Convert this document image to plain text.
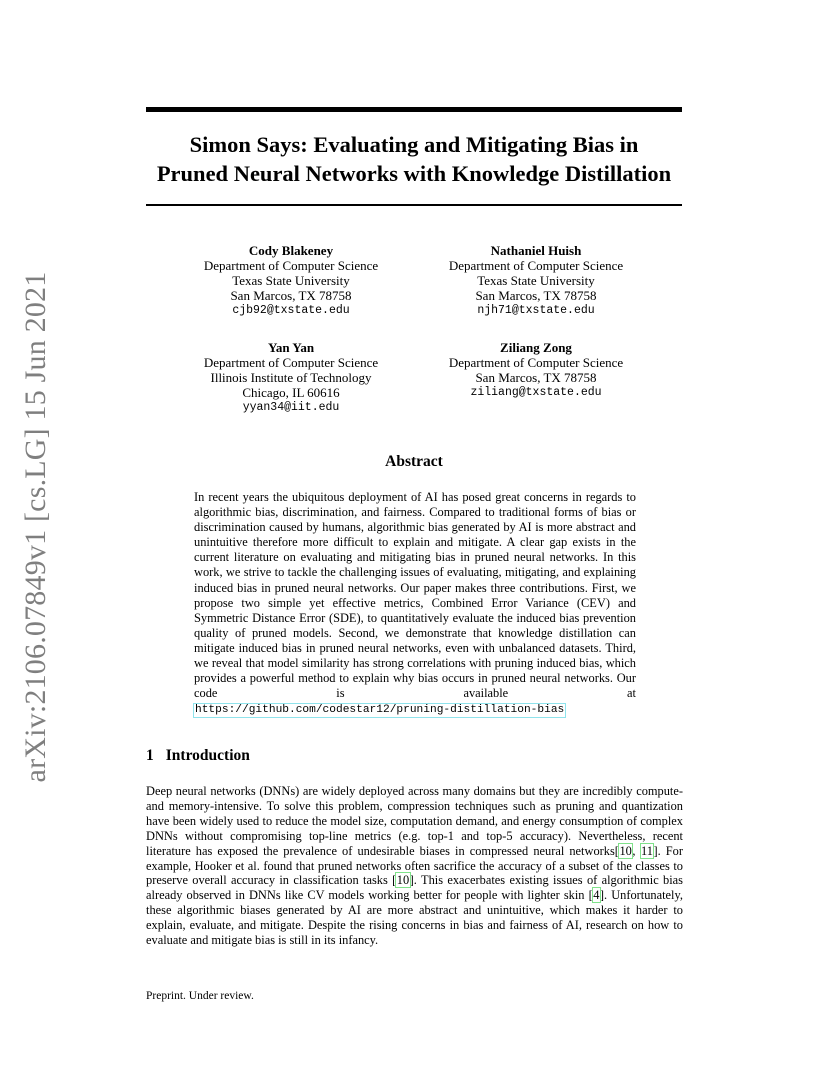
arXiv:2106.07849v1 [cs.LG] 15 Jun 2021
Simon Says: Evaluating and Mitigating Bias in
Pruned Neural Networks with Knowledge Distillation
Cody Blakeney
Department of Computer Science
Texas State University
San Marcos, TX 78758
cjb92@txstate.edu
Nathaniel Huish
Department of Computer Science
Texas State University
San Marcos, TX 78758
njh71@txstate.edu
Yan Yan
Department of Computer Science
Illinois Institute of Technology
Chicago, IL 60616
yyan34@iit.edu
Ziliang Zong
Department of Computer Science
San Marcos, TX 78758
ziliang@txstate.edu
Abstract

In recent years the ubiquitous deployment of AI has posed great concerns in regards to algorithmic bias, discrimination, and fairness. Compared to traditional forms of bias or discrimination caused by humans, algorithmic bias generated by AI is more abstract and unintuitive therefore more difficult to explain and mitigate. A clear gap exists in the current literature on evaluating and mitigating bias in pruned neural networks. In this work, we strive to tackle the challenging issues of evaluating, mitigating, and explaining induced bias in pruned neural networks. Our paper makes three contributions. First, we propose two simple yet effective metrics, Combined Error Variance (CEV) and Symmetric Distance Error (SDE), to quantitatively evaluate the induced bias prevention quality of pruned models. Second, we demonstrate that knowledge distillation can mitigate induced bias in pruned neural networks, even with unbalanced datasets. Third, we reveal that model similarity has strong correlations with pruning induced bias, which provides a powerful method to explain why bias occurs in pruned neural networks. Our code is available at https://github.com/codestar12/pruning-distillation-bias

1 Introduction

Deep neural networks (DNNs) are widely deployed across many domains but they are incredibly compute- and memory-intensive. To solve this problem, compression techniques such as pruning and quantization have been widely used to reduce the model size, computation demand, and energy consumption of complex DNNs without compromising top-line metrics (e.g. top-1 and top-5 accuracy). Nevertheless, recent literature has exposed the prevalence of undesirable biases in compressed neural networks[10, 11]. For example, Hooker et al. found that pruned networks often sacrifice the accuracy of a subset of the classes to preserve overall accuracy in classification tasks [10]. This exacerbates existing issues of algorithmic bias already observed in DNNs like CV models working better for people with lighter skin [4]. Unfortunately, these algorithmic biases generated by AI are more abstract and unintuitive, which makes it harder to explain, evaluate, and mitigate. Despite the rising concerns in bias and fairness of AI, research on how to evaluate and mitigate bias is still in its infancy.

Preprint. Under review.
